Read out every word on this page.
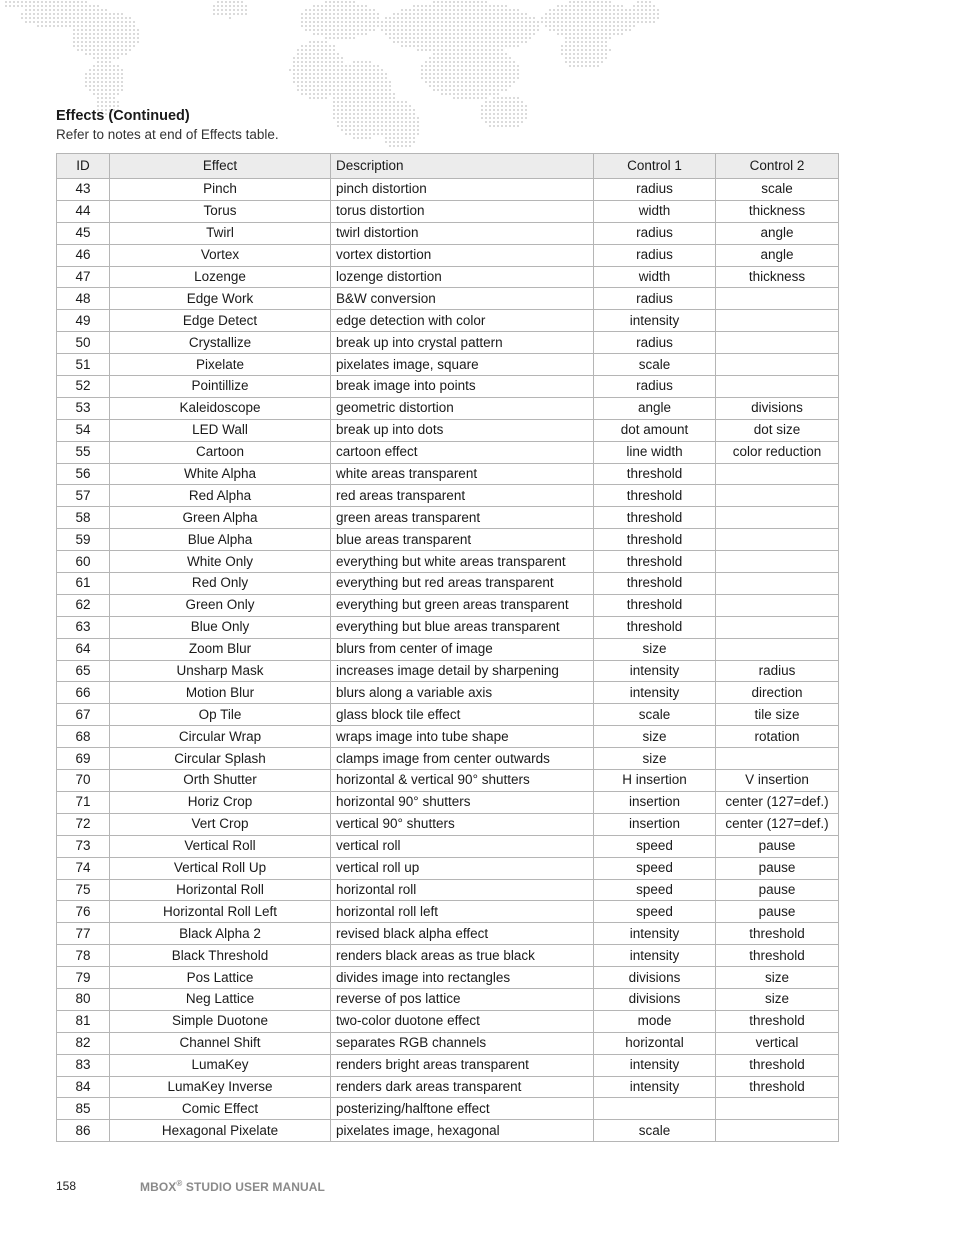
Effects (Continued)
Refer to notes at end of Effects table.
ID	Effect	Description	Control 1	Control 2
43	Pinch	pinch distortion	radius	scale
44	Torus	torus distortion	width	thickness
45	Twirl	twirl distortion	radius	angle
46	Vortex	vortex distortion	radius	angle
47	Lozenge	lozenge distortion	width	thickness
48	Edge Work	B&W conversion	radius	
49	Edge Detect	edge detection with color	intensity	
50	Crystallize	break up into crystal pattern	radius	
51	Pixelate	pixelates image, square	scale	
52	Pointillize	break image into points	radius	
53	Kaleidoscope	geometric distortion	angle	divisions
54	LED Wall	break up into dots	dot amount	dot size
55	Cartoon	cartoon effect	line width	color reduction
56	White Alpha	white areas transparent	threshold	
57	Red Alpha	red areas transparent	threshold	
58	Green Alpha	green areas transparent	threshold	
59	Blue Alpha	blue areas transparent	threshold	
60	White Only	everything but white areas transparent	threshold	
61	Red Only	everything but red areas transparent	threshold	
62	Green Only	everything but green areas transparent	threshold	
63	Blue Only	everything but blue areas transparent	threshold	
64	Zoom Blur	blurs from center of image	size	
65	Unsharp Mask	increases image detail by sharpening	intensity	radius
66	Motion Blur	blurs along a variable axis	intensity	direction
67	Op Tile	glass block tile effect	scale	tile size
68	Circular Wrap	wraps image into tube shape	size	rotation
69	Circular Splash	clamps image from center outwards	size	
70	Orth Shutter	horizontal & vertical 90° shutters	H insertion	V insertion
71	Horiz Crop	horizontal 90° shutters	insertion	center (127=def.)
72	Vert Crop	vertical 90° shutters	insertion	center (127=def.)
73	Vertical Roll	vertical roll	speed	pause
74	Vertical Roll Up	vertical roll up	speed	pause
75	Horizontal Roll	horizontal roll	speed	pause
76	Horizontal Roll Left	horizontal roll left	speed	pause
77	Black Alpha 2	revised black alpha effect	intensity	threshold
78	Black Threshold	renders black areas as true black	intensity	threshold
79	Pos Lattice	divides image into rectangles	divisions	size
80	Neg Lattice	reverse of pos lattice	divisions	size
81	Simple Duotone	two-color duotone effect	mode	threshold
82	Channel Shift	separates RGB channels	horizontal	vertical
83	LumaKey	renders bright areas transparent	intensity	threshold
84	LumaKey Inverse	renders dark areas transparent	intensity	threshold
85	Comic Effect	posterizing/halftone effect		
86	Hexagonal Pixelate	pixelates image, hexagonal	scale	
158	MBOX® STUDIO USER MANUAL
